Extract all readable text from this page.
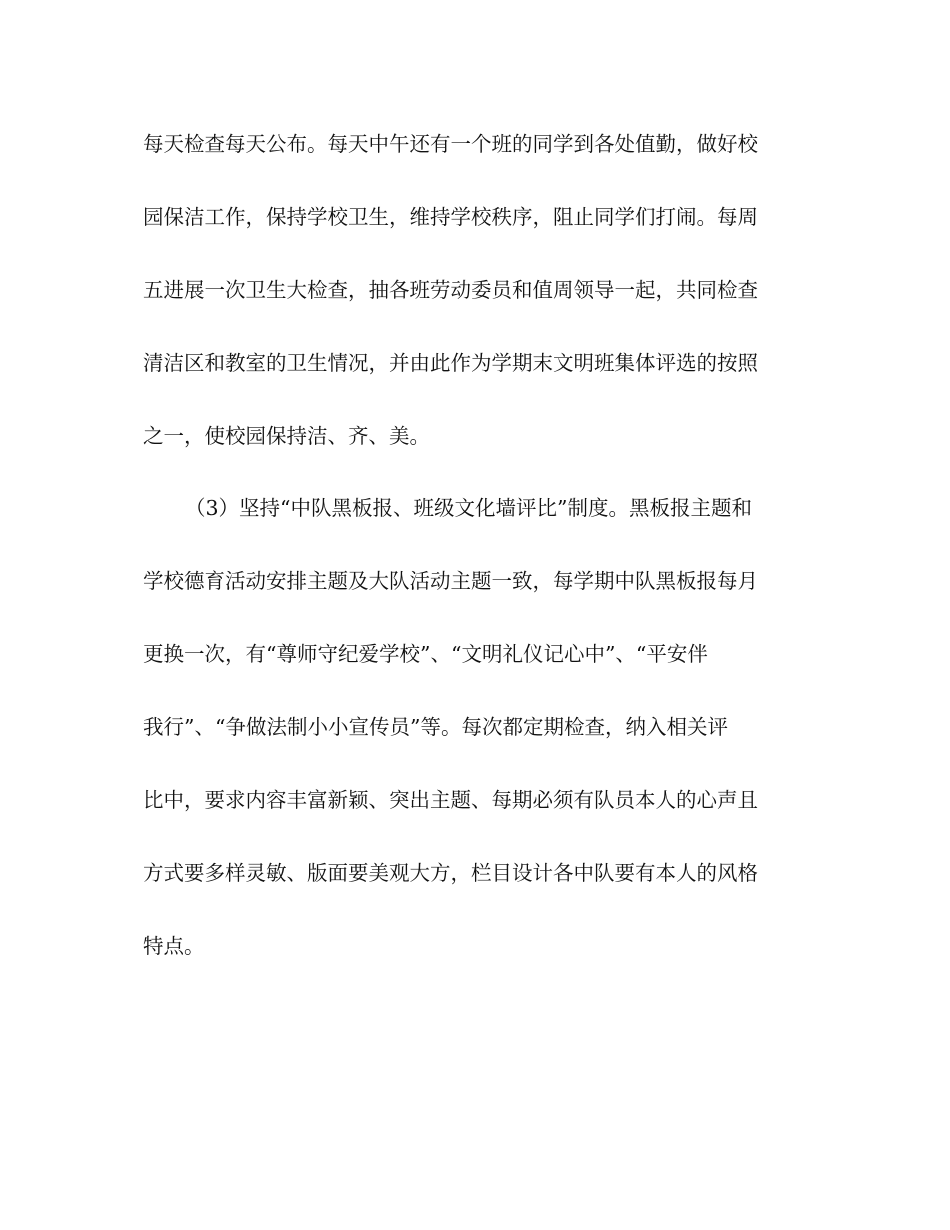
每天检查每天公布。每天中午还有一个班的同学到各处值勤，做好校
园保洁工作，保持学校卫生，维持学校秩序，阻止同学们打闹。每周
五进展一次卫生大检查，抽各班劳动委员和值周领导一起，共同检查
清洁区和教室的卫生情况，并由此作为学期末文明班集体评选的按照
之一，使校园保持洁、齐、美。
（3）坚持“中队黑板报、班级文化墙评比”制度。黑板报主题和
学校德育活动安排主题及大队活动主题一致，每学期中队黑板报每月
更换一次，有“尊师守纪爱学校”、“文明礼仪记心中”、“平安伴
我行”、“争做法制小小宣传员”等。每次都定期检查，纳入相关评
比中，要求内容丰富新颖、突出主题、每期必须有队员本人的心声且
方式要多样灵敏、版面要美观大方，栏目设计各中队要有本人的风格
特点。
